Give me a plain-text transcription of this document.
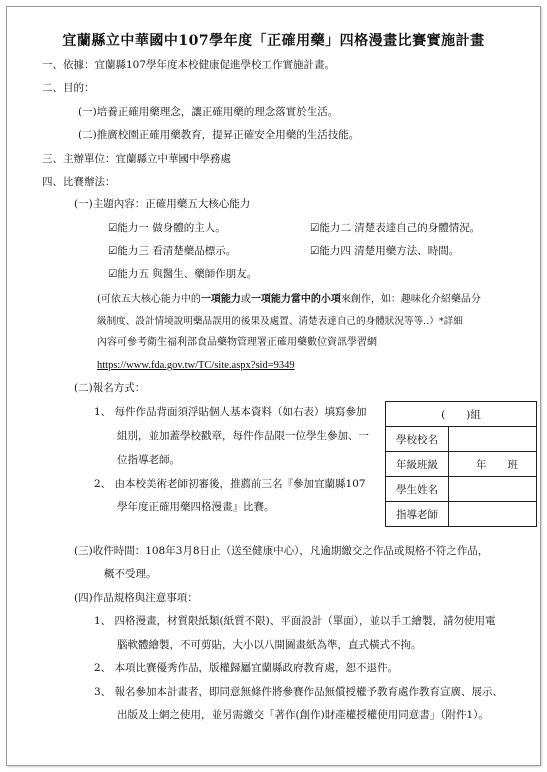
宜蘭縣立中華國中107學年度「正確用藥」四格漫畫比賽實施計畫
一、依據：宜蘭縣107學年度本校健康促進學校工作實施計畫。
二、目的：
(一)培養正確用藥理念，讓正確用藥的理念落實於生活。
(二)推廣校園正確用藥教育，提昇正確安全用藥的生活技能。
三、主辦單位：宜蘭縣立中華國中學務處
四、比賽辦法：
(一)主題內容：正確用藥五大核心能力
☑能力一 做身體的主人。	☑能力二 清楚表達自己的身體情況。
☑能力三 看清楚藥品標示。	☑能力四 清楚用藥方法、時間。
☑能力五 與醫生、藥師作朋友。
(可依五大核心能力中的一項能力或一項能力當中的小項來創作，如：趣味化介紹藥品分
級制度、設計情境說明藥品誤用的後果及處置、清楚表達自己的身體狀況等等..）*詳細
內容可參考衛生福利部食品藥物管理署正確用藥數位資訊學習網
https://www.fda.gov.tw/TC/site.aspx?sid=9349
(二)報名方式：
1、 每件作品背面須浮貼個人基本資料（如右表）填寫參加
組別，並加蓋學校戳章，每件作品限一位學生參加、一
位指導老師。
2、 由本校美術老師初審後，推薦前三名『參加宜蘭縣107
學年度正確用藥四格漫畫』比賽。
(　　)組	
學校校名	
年級班級	　　年　　班
學生姓名	
指導老師	
(三)收件時間：108年3月8日止（送至健康中心），凡逾期繳交之作品或規格不符之作品，
概不受理。
(四)作品規格與注意事項：
1、 四格漫畫，材質限紙類(紙質不限)、平面設計（單面），並以手工繪製，請勿使用電
腦軟體繪製，不可剪貼，大小以八開圖畫紙為準，直式橫式不拘。
2、 本項比賽優秀作品，版權歸屬宜蘭縣政府教育處，恕不退件。
3、 報名參加本計畫者，即同意無條件將參賽作品無償授權予教育處作教育宣廣、展示、
出版及上網之使用，並另需繳交「著作(創作)財產權授權使用同意書」（附件1）。
